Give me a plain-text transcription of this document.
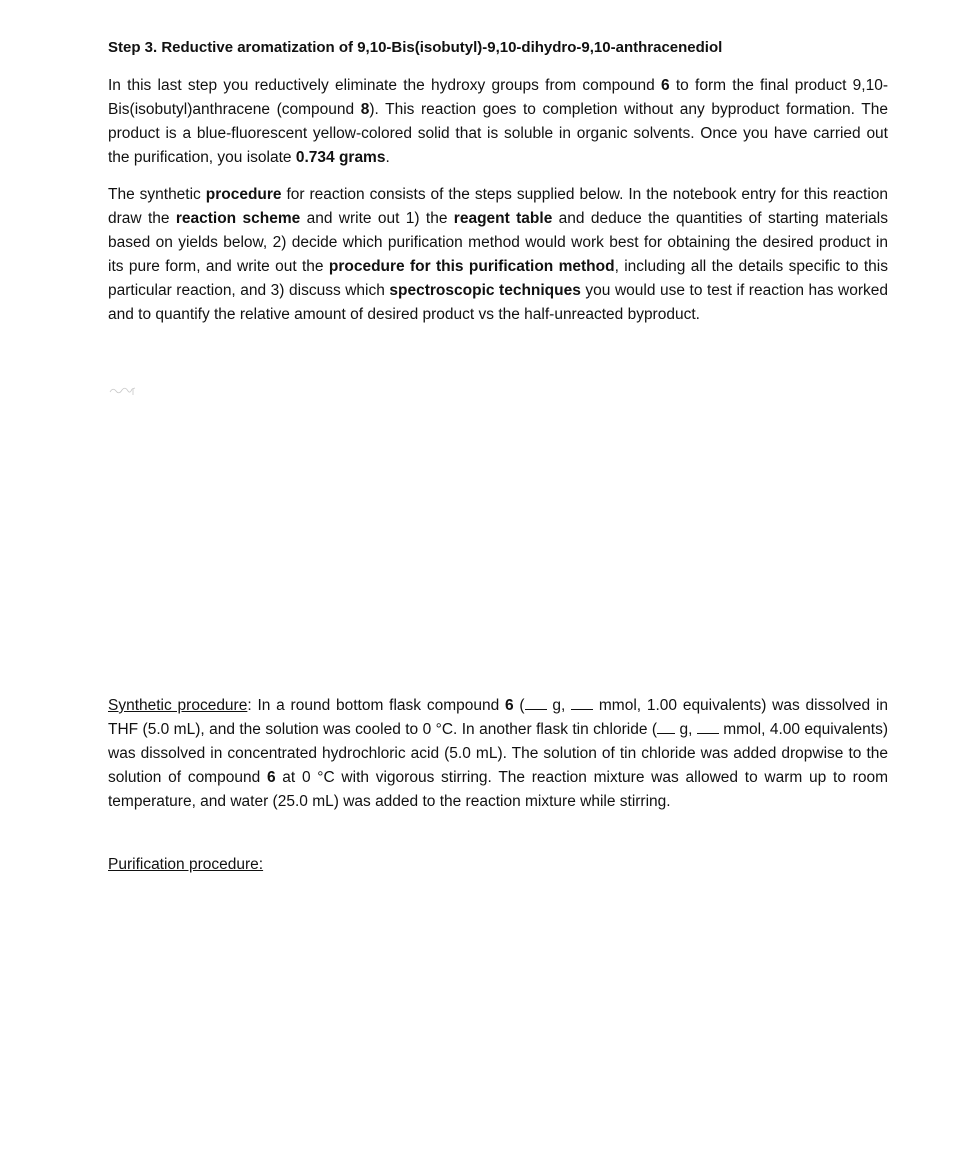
Step 3. Reductive aromatization of 9,10-Bis(isobutyl)-9,10-dihydro-9,10-anthracenediol

In this last step you reductively eliminate the hydroxy groups from compound 6 to form the final product 9,10-Bis(isobutyl)anthracene (compound 8). This reaction goes to completion without any byproduct formation. The product is a blue-fluorescent yellow-colored solid that is soluble in organic solvents. Once you have carried out the purification, you isolate 0.734 grams.

The synthetic procedure for reaction consists of the steps supplied below. In the notebook entry for this reaction draw the reaction scheme and write out 1) the reagent table and deduce the quantities of starting materials based on yields below, 2) decide which purification method would work best for obtaining the desired product in its pure form, and write out the procedure for this purification method, including all the details specific to this particular reaction, and 3) discuss which spectroscopic techniques you would use to test if reaction has worked and to quantify the relative amount of desired product vs the half-unreacted byproduct.

Synthetic procedure: In a round bottom flask compound 6 ( g,  mmol, 1.00 equivalents) was dissolved in THF (5.0 mL), and the solution was cooled to 0 °C. In another flask tin chloride ( g,  mmol, 4.00 equivalents) was dissolved in concentrated hydrochloric acid (5.0 mL). The solution of tin chloride was added dropwise to the solution of compound 6 at 0 °C with vigorous stirring. The reaction mixture was allowed to warm up to room temperature, and water (25.0 mL) was added to the reaction mixture while stirring.

Purification procedure:
